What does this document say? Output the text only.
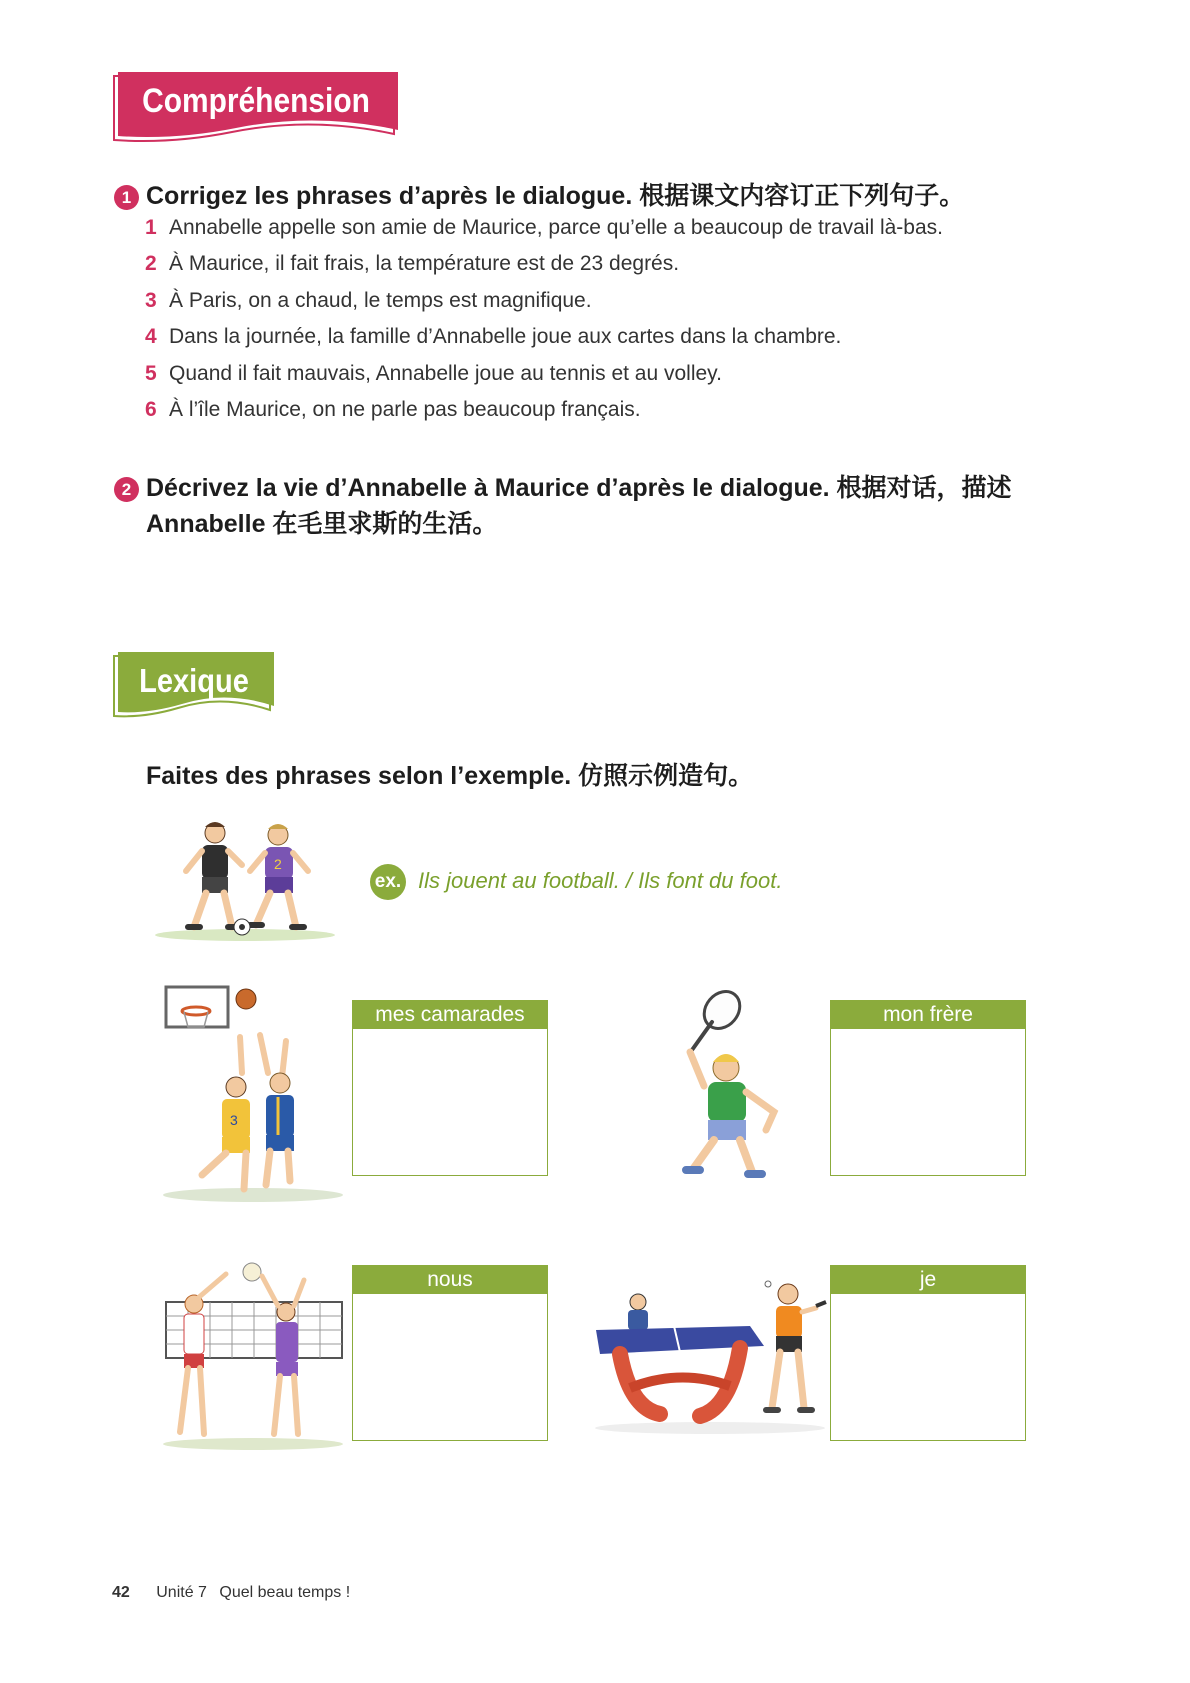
Compréhension
1 Corrigez les phrases d’après le dialogue. 根据课文内容订正下列句子。
1 Annabelle appelle son amie de Maurice, parce qu’elle a beaucoup de travail là-bas.
2 À Maurice, il fait frais, la température est de 23 degrés.
3 À Paris, on a chaud, le temps est magnifique.
4 Dans la journée, la famille d’Annabelle joue aux cartes dans la chambre.
5 Quand il fait mauvais, Annabelle joue au tennis et au volley.
6 À l’île Maurice, on ne parle pas beaucoup français.
2 Décrivez la vie d’Annabelle à Maurice d’après le dialogue. 根据对话，描述
Annabelle 在毛里求斯的生活。
Lexique
Faites des phrases selon l’exemple. 仿照示例造句。
2
ex. Ils jouent au football. / Ils font du foot.
3
mes camarades	mon frère
nous	je
42 Unité 7 Quel beau temps !
